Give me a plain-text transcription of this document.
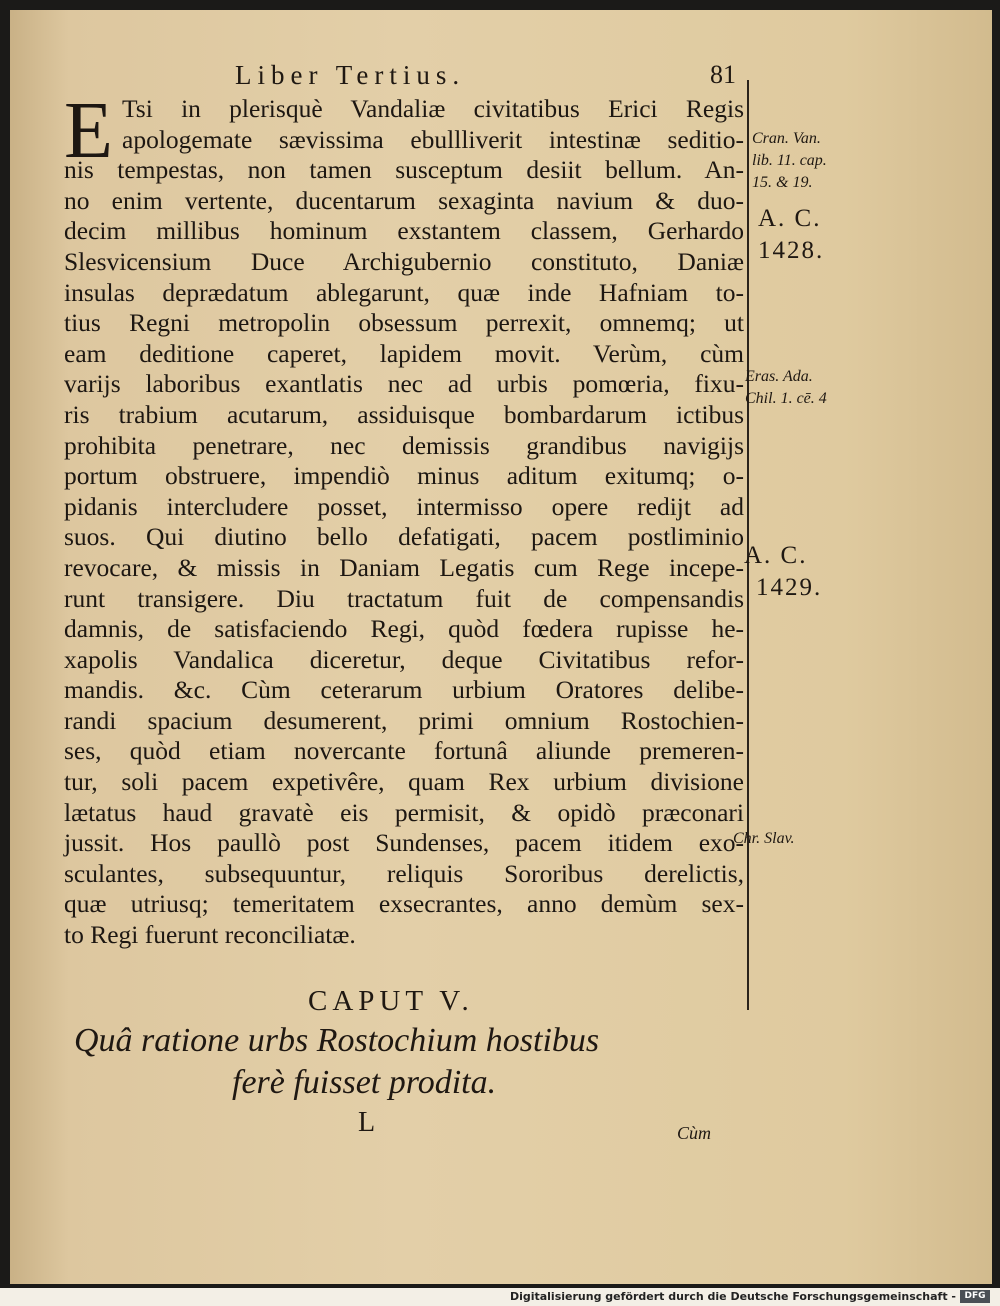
Liber Tertius.	81
E Tsi in plerisquè Vandaliæ civitatibus Erici Regis
apologemate sævissima ebullliverit intestinæ seditio-
nis tempestas, non tamen susceptum desiit bellum. An-
no enim vertente, ducentarum sexaginta navium & duo-
decim millibus hominum exstantem classem, Gerhardo
Slesvicensium Duce Archigubernio constituto, Daniæ
insulas deprædatum ablegarunt, quæ inde Hafniam to-
tius Regni metropolin obsessum perrexit, omnemq; ut
eam deditione caperet, lapidem movit. Verùm, cùm
varijs laboribus exantlatis nec ad urbis pomœria, fixu-
ris trabium acutarum, assiduisque bombardarum ictibus
prohibita penetrare, nec demissis grandibus navigijs
portum obstruere, impendiò minus aditum exitumq; o-
pidanis intercludere posset, intermisso opere redijt ad
suos. Qui diutino bello defatigati, pacem postliminio
revocare, & missis in Daniam Legatis cum Rege incepe-
runt transigere. Diu tractatum fuit de compensandis
damnis, de satisfaciendo Regi, quòd fœdera rupisse he-
xapolis Vandalica diceretur, deque Civitatibus refor-
mandis. &c. Cùm ceterarum urbium Oratores delibe-
randi spacium desumerent, primi omnium Rostochien-
ses, quòd etiam novercante fortunâ aliunde premeren-
tur, soli pacem expetivêre, quam Rex urbium divisione
lætatus haud gravatè eis permisit, & opidò præconari
jussit. Hos paullò post Sundenses, pacem itidem exo-
sculantes, subsequuntur, reliquis Sororibus derelictis,
quæ utriusq; temeritatem exsecrantes, anno demùm sex-
to Regi fuerunt reconciliatæ.
Cran. Van.
lib. 11. cap.
15. & 19.
A. C.
1428.
Eras. Ada.
Chil. 1. cē. 4
A. C.
1429.
Chr. Slav.
CAPUT V.
Quâ ratione urbs Rostochium hostibus
ferè fuisset prodita.
L	Cùm
Digitalisierung gefördert durch die Deutsche Forschungsgemeinschaft - DFG
